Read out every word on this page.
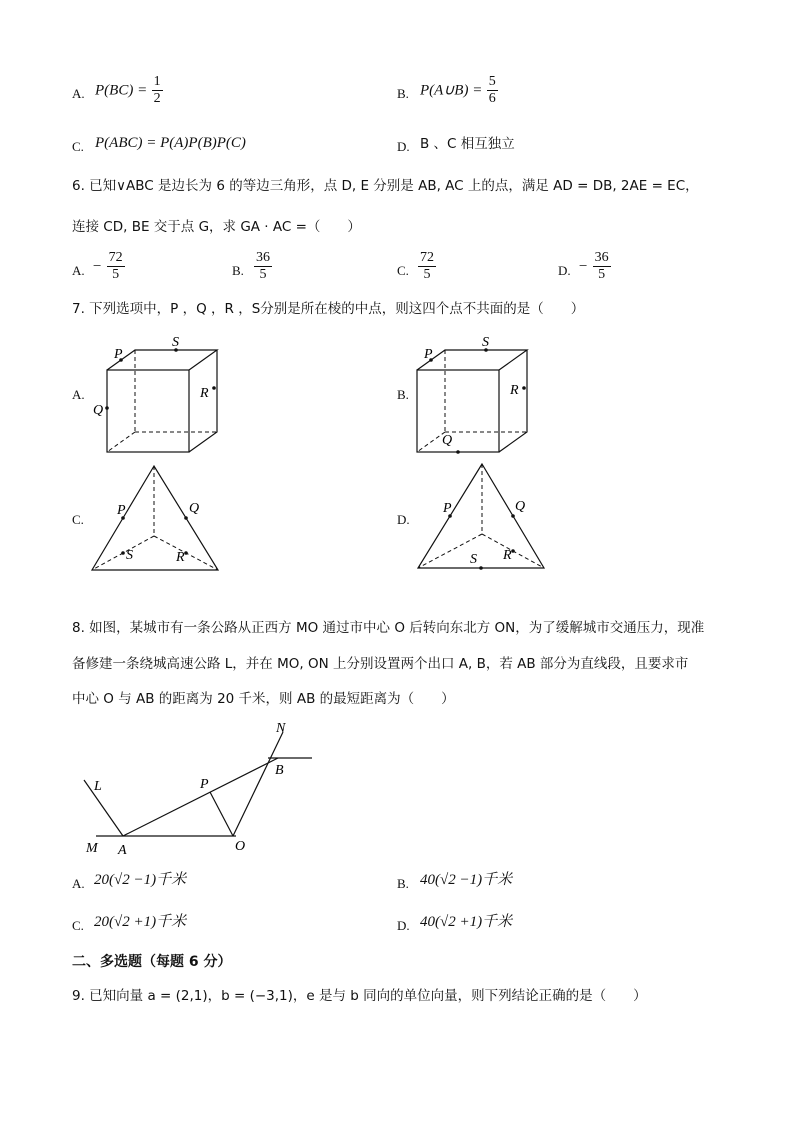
A. $P(BC) = \frac{1}{2}$	B. P(A∪B) = $\frac{5}{6}$
C. P(ABC) = P(A)P(B)P(C)	D. B 、C 相互独立
6. 已知∨ABC 是边长为 6 的等边三角形，点 D, E 分别是 AB, AC 上的点，满足 AD = DB, 2AE = EC，
连接 CD, BE 交于点 G，求 GA · AC =（　　）
A. − $\frac{72}{5}$	B. $\frac{36}{5}$	C. $\frac{72}{5}$	D. − $\frac{36}{5}$
7. 下列选项中，P ，Q ，R ，S分别是所在棱的中点，则这四个点不共面的是（　　）
A.
P
S
R
Q
B.
P
S
R
Q
C.
P	Q
S	R
D.
P	Q
S R
8. 如图，某城市有一条公路从正西方 MO 通过市中心 O 后转向东北方 ON，为了缓解城市交通压力，现准
备修建一条绕城高速公路 L，并在 MO, ON 上分别设置两个出口 A, B，若 AB 部分为直线段，且要求市
中心 O 与 AB 的距离为 20 千米，则 AB 的最短距离为（　　）
N
B
L	P
M A	O
A. 20(√2 −1)千米	B. 40(√2 −1)千米
C. 20(√2 +1)千米	D. 40(√2 +1)千米
二、多选题（每题 6 分）
9. 已知向量 a = (2,1)，b = (−3,1)，e 是与 b 同向的单位向量，则下列结论正确的是（　　）
